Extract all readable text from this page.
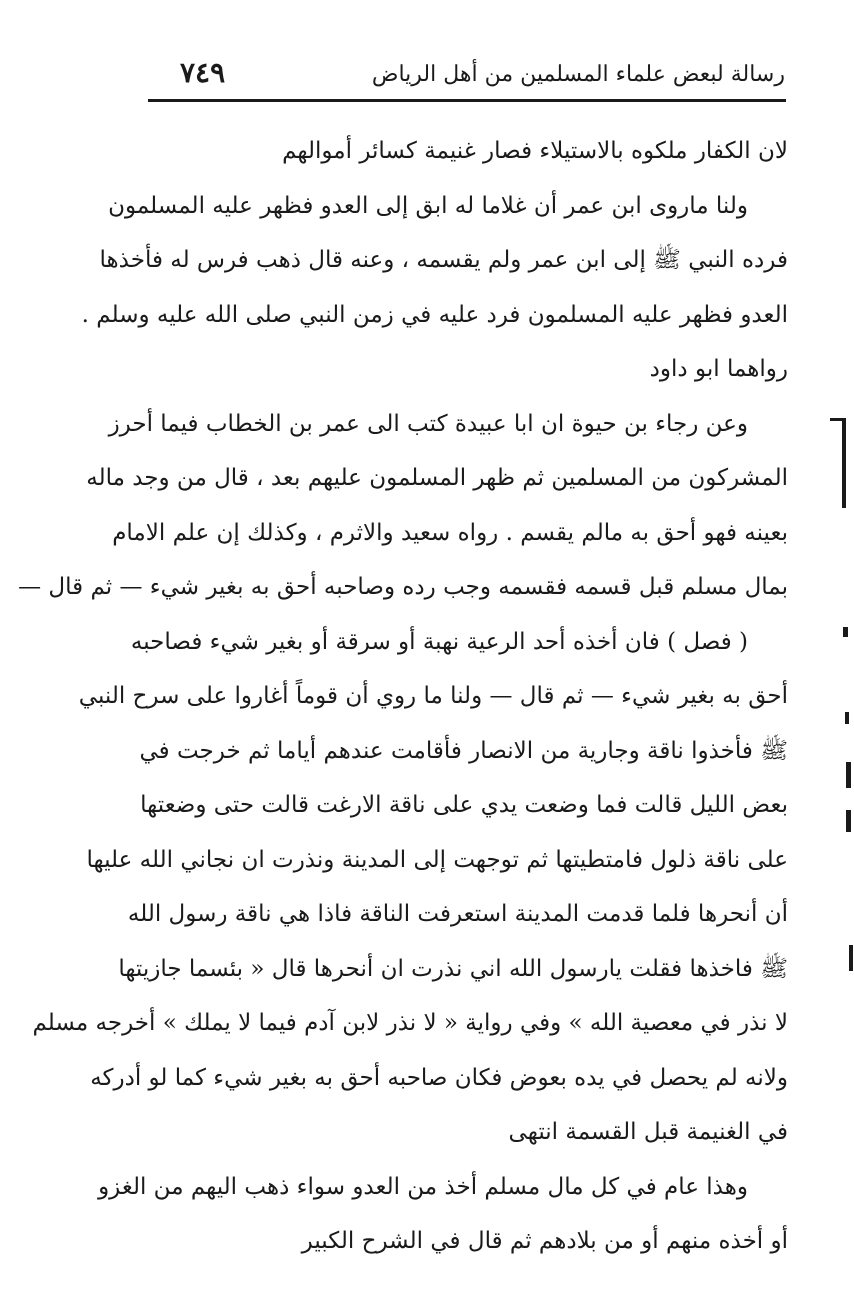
رسالة لبعض علماء المسلمين من أهل الرياض
٧٤٩
لان الكفار ملكوه بالاستيلاء فصار غنيمة كسائر أموالهم
ولنا ماروى ابن عمر أن غلاما له ابق إلى العدو فظهر عليه المسلمون
فرده النبي ﷺ إلى ابن عمر ولم يقسمه ، وعنه قال ذهب فرس له فأخذها
العدو فظهر عليه المسلمون فرد عليه في زمن النبي صلى الله عليه وسلم .
رواهما ابو داود
وعن رجاء بن حيوة ان ابا عبيدة كتب الى عمر بن الخطاب فيما أحرز
المشركون من المسلمين ثم ظهر المسلمون عليهم بعد ، قال من وجد ماله
بعينه فهو أحق به مالم يقسم . رواه سعيد والاثرم ، وكذلك إن علم الامام
بمال مسلم قبل قسمه فقسمه وجب رده وصاحبه أحق به بغير شيء — ثم قال —
( فصل ) فان أخذه أحد الرعية نهبة أو سرقة أو بغير شيء فصاحبه
أحق به بغير شيء — ثم قال — ولنا ما روي أن قوماً أغاروا على سرح النبي
ﷺ فأخذوا ناقة وجارية من الانصار فأقامت عندهم أياما ثم خرجت في
بعض الليل قالت فما وضعت يدي على ناقة الارغت قالت حتى وضعتها
على ناقة ذلول فامتطيتها ثم توجهت إلى المدينة ونذرت ان نجاني الله عليها
أن أنحرها فلما قدمت المدينة استعرفت الناقة فاذا هي ناقة رسول الله
ﷺ فاخذها فقلت يارسول الله اني نذرت ان أنحرها قال « بئسما جازيتها
لا نذر في معصية الله » وفي رواية « لا نذر لابن آدم فيما لا يملك » أخرجه مسلم
ولانه لم يحصل في يده بعوض فكان صاحبه أحق به بغير شيء كما لو أدركه
في الغنيمة قبل القسمة انتهى
وهذا عام في كل مال مسلم أخذ من العدو سواء ذهب اليهم من الغزو
أو أخذه منهم أو من بلادهم ثم قال في الشرح الكبير
